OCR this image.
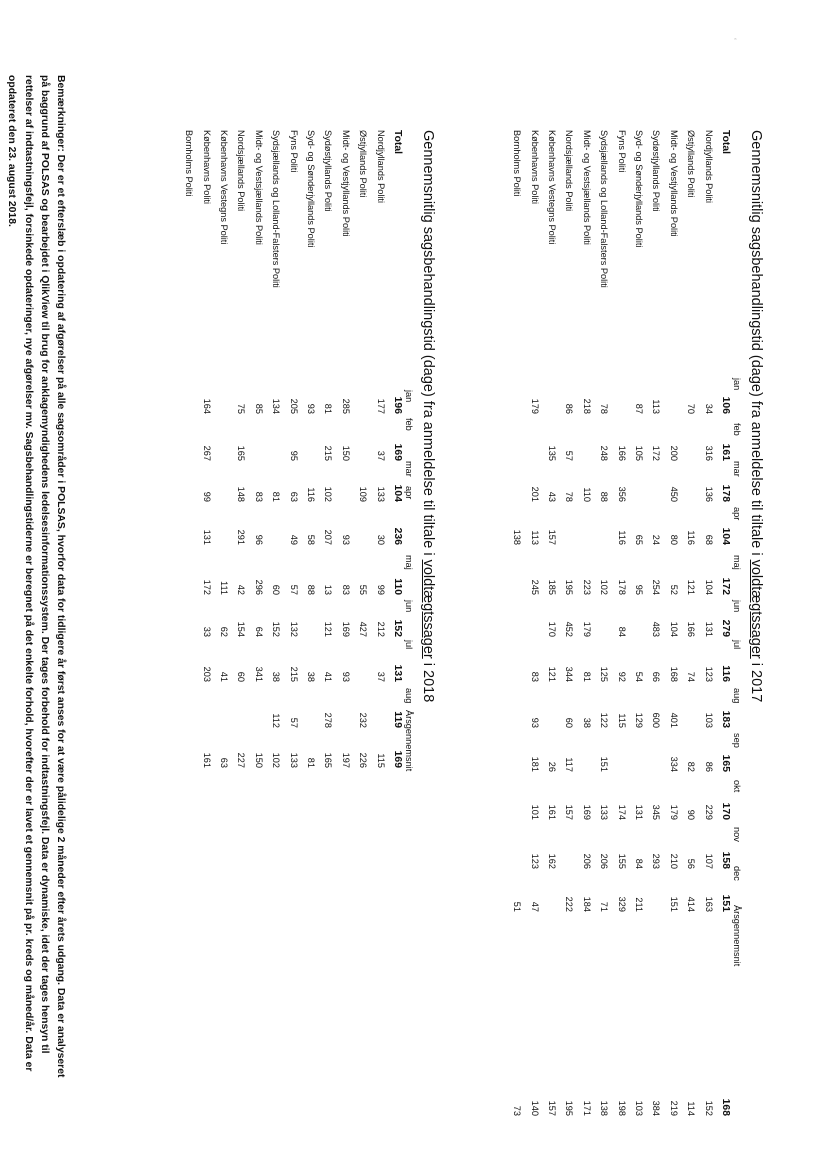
‘
Gennemsnitlig sagsbehandlingstid (dage) fra anmeldelse til tiltale i voldtægtssager i 2017
jan
feb
mar
apr
maj
jun
jul
aug
sep
okt
nov
dec
Årsgennemsnit
Total
106
161
178
104
172
279
116
183
165
170
158
151
168
Nordjyllands Politi
34
316
136
68
104
131
123
103
86
229
107
163
152
Østjyllands Politi
70
116
121
166
74
82
90
56
414
114
Midt- og Vestjyllands Politi
200
450
80
52
104
168
401
334
179
210
151
219
Sydøstjyllands Politi
113
172
24
254
483
66
600
345
293
384
Syd- og Sønderjyllands Politi
87
105
65
95
54
129
131
84
211
103
Fyns Politi
166
356
116
178
84
92
115
174
155
329
198
Sydsjællands og Lolland-Falsters Politi
78
248
88
102
125
122
151
133
206
71
138
Midt- og Vestsjællands Politi
218
110
223
179
81
38
169
206
184
171
Nordsjællands Politi
86
57
78
195
452
344
60
117
157
222
195
Københavns Vestegns Politi
135
43
157
185
170
121
26
161
162
157
Københavns Politi
179
201
113
245
83
93
181
101
123
47
140
Bornholms Politi
138
51
73
Gennemsnitlig sagsbehandlingstid (dage) fra anmeldelse til tiltale i voldtægtssager i 2018
jan
feb
mar
apr
maj
jun
jul
aug
Årsgennemsnit
Total
196
169
104
236
110
152
131
119
169
Nordjyllands Politi
177
37
133
30
99
212
37
115
Østjyllands Politi
109
55
427
232
226
Midt- og Vestjyllands Politi
285
150
93
83
169
93
197
Sydøstjyllands Politi
81
215
102
207
13
121
41
278
165
Syd- og Sønderjyllands Politi
93
116
58
88
38
81
Fyns Politi
205
95
63
49
57
132
215
57
133
Sydsjællands og Lolland-Falsters Politi
134
81
60
152
38
112
102
Midt- og Vestsjællands Politi
85
83
96
296
64
341
150
Nordsjællands Politi
75
165
148
291
42
154
60
227
Københavns Vestegns Politi
111
62
41
63
Københavns Politi
164
267
99
131
172
33
203
161
Bornholms Politi
Bemærkninger: Der er et efterslæb i opdatering af afgørelser på alle sagsområder i POLSAS, hvorfor data for tidligere år først anses for at være pålidelige 2 måneder efter årets udgang. Data er analyseret på baggrund af POLSAS og bearbejdet i QlikView til brug for anklagemyndighedens ledelsesinformationssystem. Der tages forbehold for indtastningsfejl. Data er dynamiske, idet der tages hensyn til rettelser af indtastningsfejl, forsinkede opdateringer, nye afgørelser mv. Sagsbehandlingstiderne er beregnet på det enkelte forhold, hvorefter der er lavet et gennemsnit på pr. kreds og måned/år. Data er opdateret den 23. august 2018.
